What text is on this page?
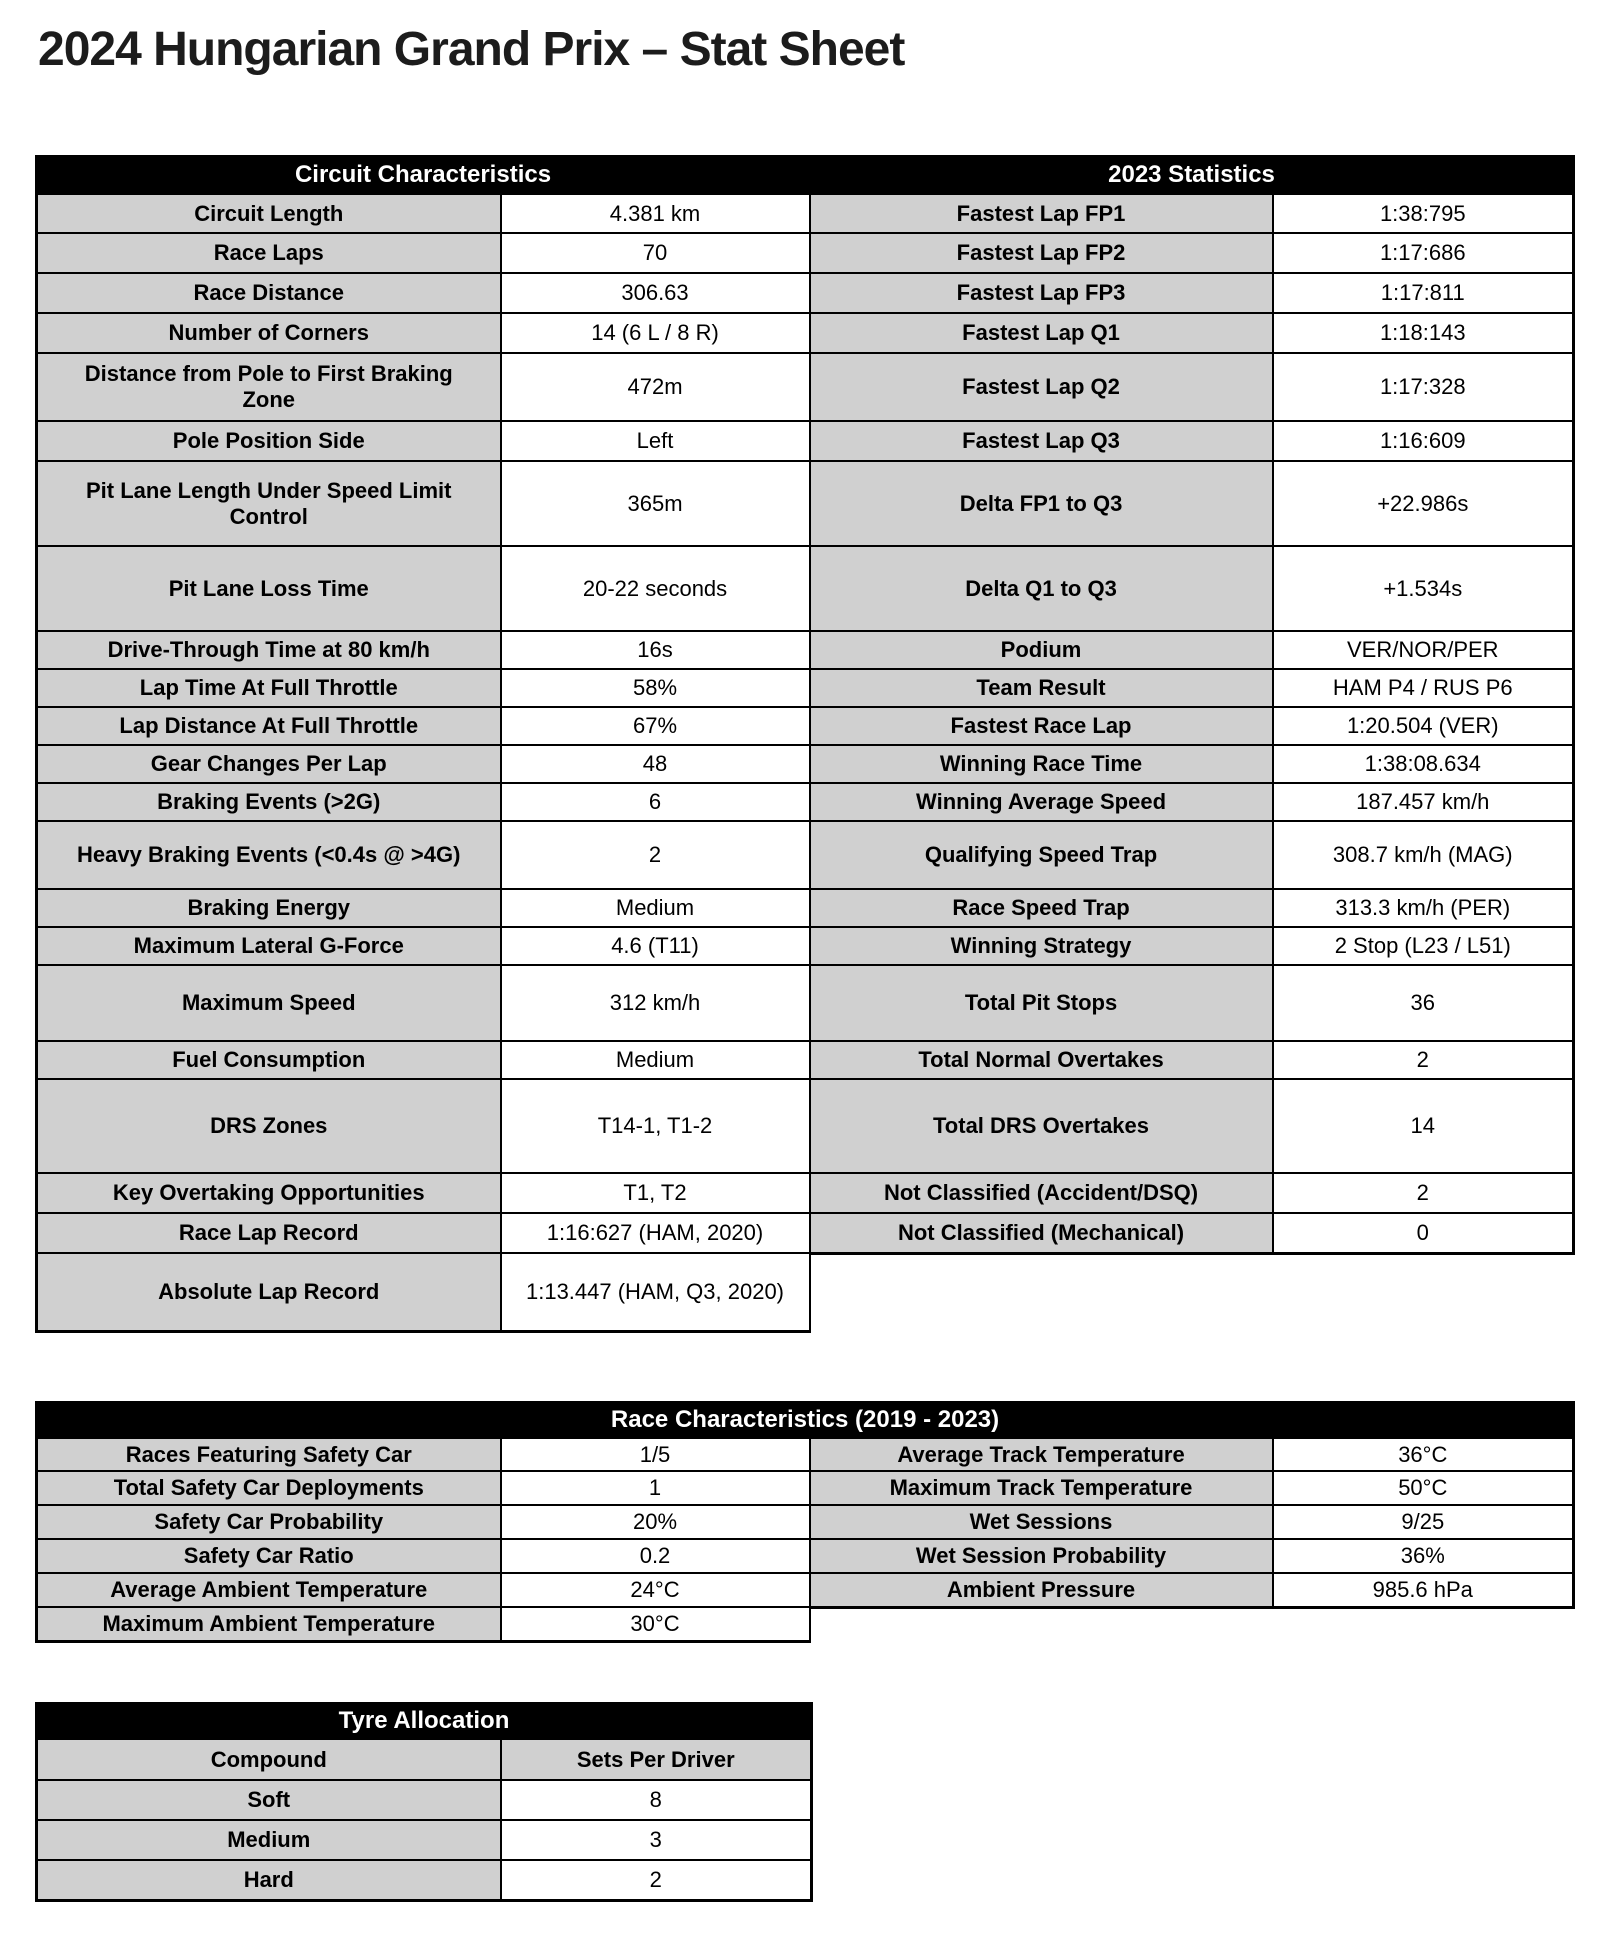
2024 Hungarian Grand Prix – Stat Sheet
Circuit Characteristics		2023 Statistics	
Circuit Length	4.381 km	Fastest Lap FP1	1:38:795
Race Laps	70	Fastest Lap FP2	1:17:686
Race Distance	306.63	Fastest Lap FP3	1:17:811
Number of Corners	14 (6 L / 8 R)	Fastest Lap Q1	1:18:143
Distance from Pole to First Braking Zone	472m	Fastest Lap Q2	1:17:328
Pole Position Side	Left	Fastest Lap Q3	1:16:609
Pit Lane Length Under Speed Limit Control	365m	Delta FP1 to Q3	+22.986s
Pit Lane Loss Time	20-22 seconds	Delta Q1 to Q3	+1.534s
Drive-Through Time at 80 km/h	16s	Podium	VER/NOR/PER
Lap Time At Full Throttle	58%	Team Result	HAM P4 / RUS P6
Lap Distance At Full Throttle	67%	Fastest Race Lap	1:20.504 (VER)
Gear Changes Per Lap	48	Winning Race Time	1:38:08.634
Braking Events (>2G)	6	Winning Average Speed	187.457 km/h
Heavy Braking Events (<0.4s @ >4G)	2	Qualifying Speed Trap	308.7 km/h (MAG)
Braking Energy	Medium	Race Speed Trap	313.3 km/h (PER)
Maximum Lateral G-Force	4.6 (T11)	Winning Strategy	2 Stop (L23 / L51)
Maximum Speed	312 km/h	Total Pit Stops	36
Fuel Consumption	Medium	Total Normal Overtakes	2
DRS Zones	T14-1, T1-2	Total DRS Overtakes	14
Key Overtaking Opportunities	T1, T2	Not Classified (Accident/DSQ)	2
Race Lap Record	1:16:627 (HAM, 2020)	Not Classified (Mechanical)	0
Absolute Lap Record	1:13.447 (HAM, Q3, 2020)		
Race Characteristics (2019 - 2023)			
Races Featuring Safety Car	1/5	Average Track Temperature	36°C
Total Safety Car Deployments	1	Maximum Track Temperature	50°C
Safety Car Probability	20%	Wet Sessions	9/25
Safety Car Ratio	0.2	Wet Session Probability	36%
Average Ambient Temperature	24°C	Ambient Pressure	985.6 hPa
Maximum Ambient Temperature	30°C		
Tyre Allocation	
Compound	Sets Per Driver
Soft	8
Medium	3
Hard	2
